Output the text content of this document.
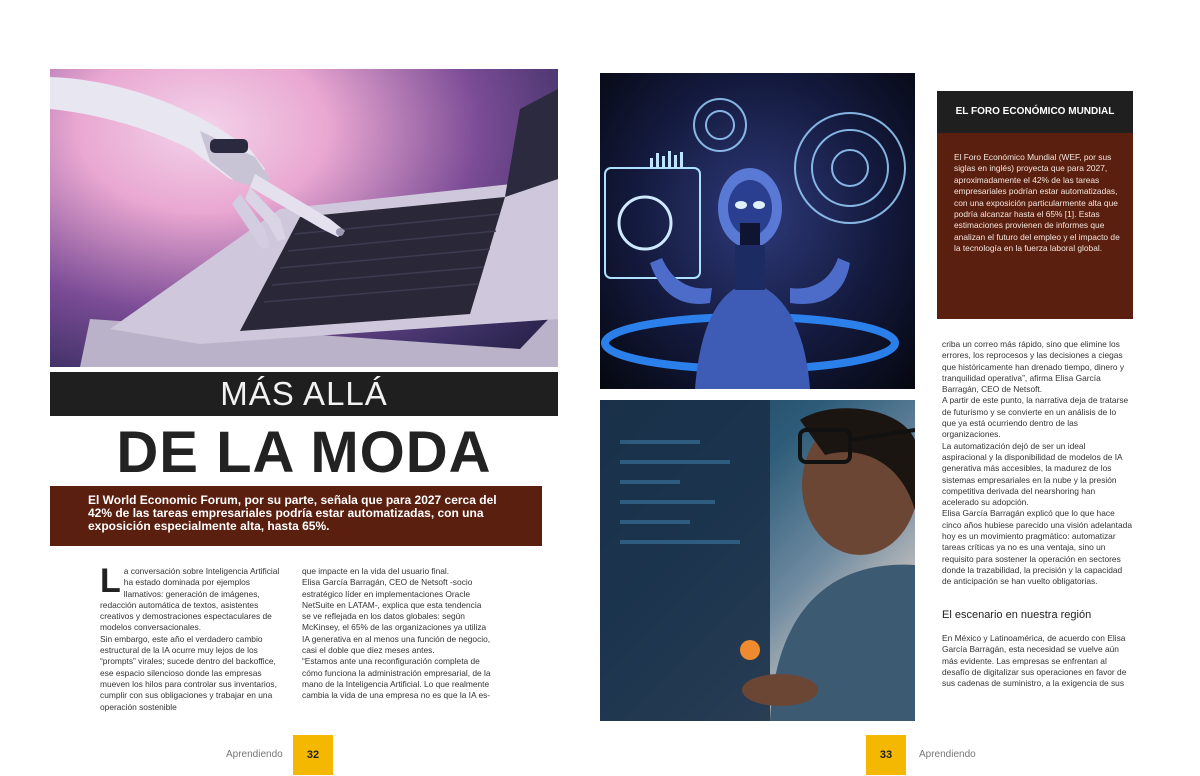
MÁS ALLÁ
DE LA MODA
El World Economic Forum, por su parte, señala que para 2027 cerca del 42% de las tareas empresariales podría estar automatizadas, con una exposición especialmente alta, hasta 65%.
L a conversación sobre Inteligencia Artificial ha estado dominada por ejemplos llamativos: generación de imágenes, redacción automática de textos, asistentes creativos y demostraciones espectaculares de modelos conversacionales.

Sin embargo, este año el verdadero cambio estructural de la IA ocurre muy lejos de los “prompts” virales; sucede dentro del backoffice, ese espacio silencioso donde las empresas mueven los hilos para controlar sus inventarios, cumplir con sus obligaciones y trabajar en una operación sostenible

que impacte en la vida del usuario final.

Elisa García Barragán, CEO de Netsoft -socio estratégico líder en implementaciones Oracle NetSuite en LATAM-, explica que esta tendencia se ve reflejada en los datos globales: según McKinsey, el 65% de las organizaciones ya utiliza IA generativa en al menos una función de negocio, casi el doble que diez meses antes.

“Estamos ante una reconfiguración completa de cómo funciona la administración empresarial, de la mano de la Inteligencia Artificial. Lo que realmente cambia la vida de una empresa no es que la IA es-

EL FORO ECONÓMICO MUNDIAL
El Foro Económico Mundial (WEF, por sus siglas en inglés) proyecta que para 2027, aproximadamente el 42% de las tareas empresariales podrían estar automatizadas, con una exposición particularmente alta que podría alcanzar hasta el 65% [1]. Estas estimaciones provienen de informes que analizan el futuro del empleo y el impacto de la tecnología en la fuerza laboral global.

criba un correo más rápido, sino que elimine los errores, los reprocesos y las decisiones a ciegas que históricamente han drenado tiempo, dinero y tranquilidad operativa”, afirma Elisa García Barragán, CEO de Netsoft.

A partir de este punto, la narrativa deja de tratarse de futurismo y se convierte en un análisis de lo que ya está ocurriendo dentro de las organizaciones.

La automatización dejó de ser un ideal aspiracional y la disponibilidad de modelos de IA generativa más accesibles, la madurez de los sistemas empresariales en la nube y la presión competitiva derivada del nearshoring han acelerado su adopción.

Elisa García Barragán explicó que lo que hace cinco años hubiese parecido una visión adelantada hoy es un movimiento pragmático: automatizar tareas críticas ya no es una ventaja, sino un requisito para sostener la operación en sectores donde la trazabilidad, la precisión y la capacidad de anticipación se han vuelto obligatorias.

El escenario en nuestra región

En México y Latinoamérica, de acuerdo con Elisa García Barragán, esta necesidad se vuelve aún más evidente. Las empresas se enfrentan al desafío de digitalizar sus operaciones en favor de sus cadenas de suministro, a la exigencia de sus

Aprendiendo	32	33	Aprendiendo
